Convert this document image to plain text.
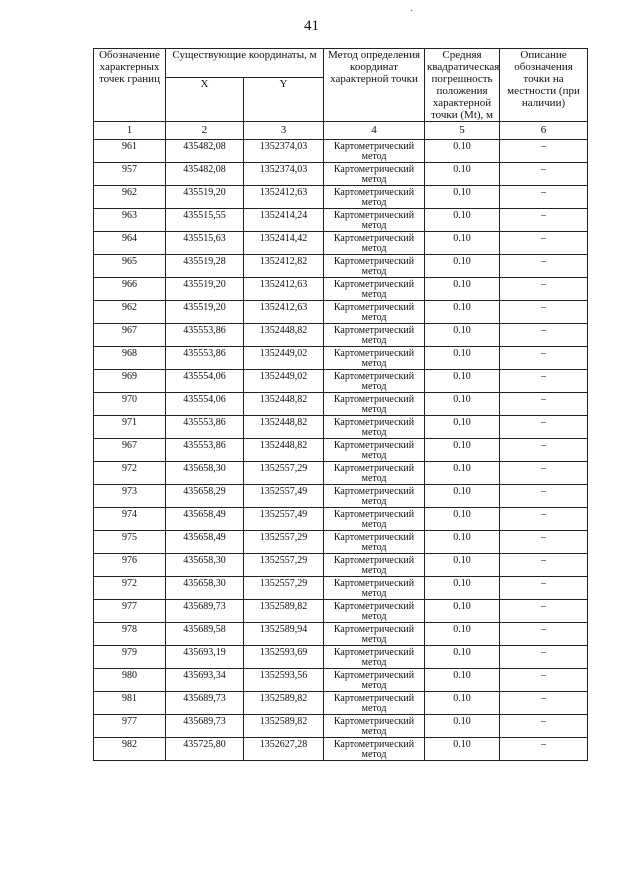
·
41
Обозначение характерных точек границ	Существующие координаты, м		Метод определения координат характерной точки	Средняя квадратическая погрешность положения характерной точки (Mt), м	Описание обозначения точки на местности (при наличии)
	X	Y			
1	2	3	4	5	6
961	435482,08	1352374,03	Картометрический метод	0.10	–
957	435482,08	1352374,03	Картометрический метод	0.10	–
962	435519,20	1352412,63	Картометрический метод	0.10	–
963	435515,55	1352414,24	Картометрический метод	0.10	–
964	435515,63	1352414,42	Картометрический метод	0.10	–
965	435519,28	1352412,82	Картометрический метод	0.10	–
966	435519,20	1352412,63	Картометрический метод	0.10	–
962	435519,20	1352412,63	Картометрический метод	0.10	–
967	435553,86	1352448,82	Картометрический метод	0.10	–
968	435553,86	1352449,02	Картометрический метод	0.10	–
969	435554,06	1352449,02	Картометрический метод	0.10	–
970	435554,06	1352448,82	Картометрический метод	0.10	–
971	435553,86	1352448,82	Картометрический метод	0.10	–
967	435553,86	1352448,82	Картометрический метод	0.10	–
972	435658,30	1352557,29	Картометрический метод	0.10	–
973	435658,29	1352557,49	Картометрический метод	0.10	–
974	435658,49	1352557,49	Картометрический метод	0.10	–
975	435658,49	1352557,29	Картометрический метод	0.10	–
976	435658,30	1352557,29	Картометрический метод	0.10	–
972	435658,30	1352557,29	Картометрический метод	0.10	–
977	435689,73	1352589,82	Картометрический метод	0.10	–
978	435689,58	1352589,94	Картометрический метод	0.10	–
979	435693,19	1352593,69	Картометрический метод	0.10	–
980	435693,34	1352593,56	Картометрический метод	0.10	–
981	435689,73	1352589,82	Картометрический метод	0.10	–
977	435689,73	1352589,82	Картометрический метод	0.10	–
982	435725,80	1352627,28	Картометрический метод	0.10	–
